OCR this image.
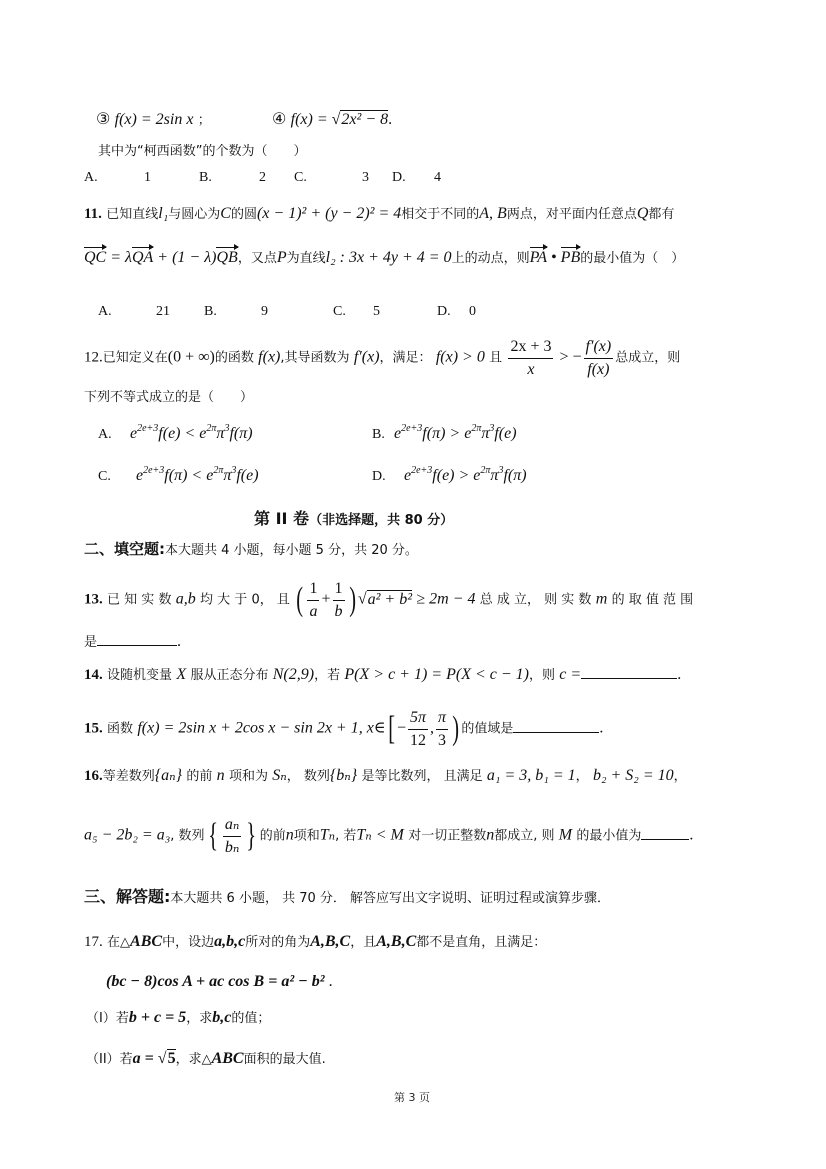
③ f(x) = 2sin x ；	④ f(x) = √2x² − 8.
其中为“柯西函数”的个数为（　　）
A.	1	B.	2 C.	3 D. 4
11. 已知直线l₁与圆心为C的圆(x − 1)² + (y − 2)² = 4相交于不同的A, B两点，对平面内任意点Q都有
QC = λQA + (1 − λ)QB，又点P为直线l₂ : 3x + 4y + 4 = 0上的动点，则PA • PB的最小值为（　）
A.	21 B.	9	C. 5	D. 0
12.已知定义在(0 + ∞)的函数 f(x),其导函数为 f′(x)，满足： f(x) > 0 且 $\frac{2x + 3}{x}$ > − $\frac{f'(x)}{f(x)}$ 总成立，则
下列不等式成立的是（　　）
A. $e^{2e+3}f(e) < e^{2\pi}\pi^3f(\pi)$	B. $e^{2e+3}f(\pi) > e^{2\pi}\pi^3f(e)$
C. $e^{2e+3}f(\pi) < e^{2\pi}\pi^3f(e)$	D. $e^{2e+3}f(e) > e^{2\pi}\pi^3f(\pi)$
第 II 卷（非选择题，共 80 分）
二、填空题:本大题共 4 小题，每小题 5 分，共 20 分。
13. 已 知 实 数 a,b 均 大 于 0， 且 ( $\frac{1}{a} + \frac{1}{b}$ ) √a² + b² ≥ 2m − 4 总 成 立， 则 实 数 m 的 取 值 范 围
是	.
14. 设随机变量 X 服从正态分布 N(2,9)，若 P(X > c + 1) = P(X < c − 1)，则 c =	.
15. 函数 f(x) = 2sin x + 2cos x − sin 2x + 1, x∈[ − $\frac{5\pi}{12}$ , $\frac{\pi}{3}$ ) 的值域是	.
16.等差数列{aₙ} 的前 n 项和为 Sₙ， 数列{bₙ} 是等比数列， 且满足 a₁ = 3, b₁ = 1， b₂ + S₂ = 10，
a₅ − 2b₂ = a₃, 数列{ $\frac{\text{aₙ}}{\text{bₙ}}$ } 的前n项和Tₙ, 若Tₙ < M 对一切正整数n都成立, 则 M 的最小值为	.
三、解答题:本大题共 6 小题， 共 70 分． 解答应写出文字说明、证明过程或演算步骤．
17. 在△ABC中，设边a,b,c所对的角为A,B,C，且A,B,C都不是直角，且满足：
(bc − 8)cos A + ac cos B = a² − b² .
（I）若b + c = 5，求b,c的值；
（II）若a = √5，求△ABC面积的最大值.
第 3 页
